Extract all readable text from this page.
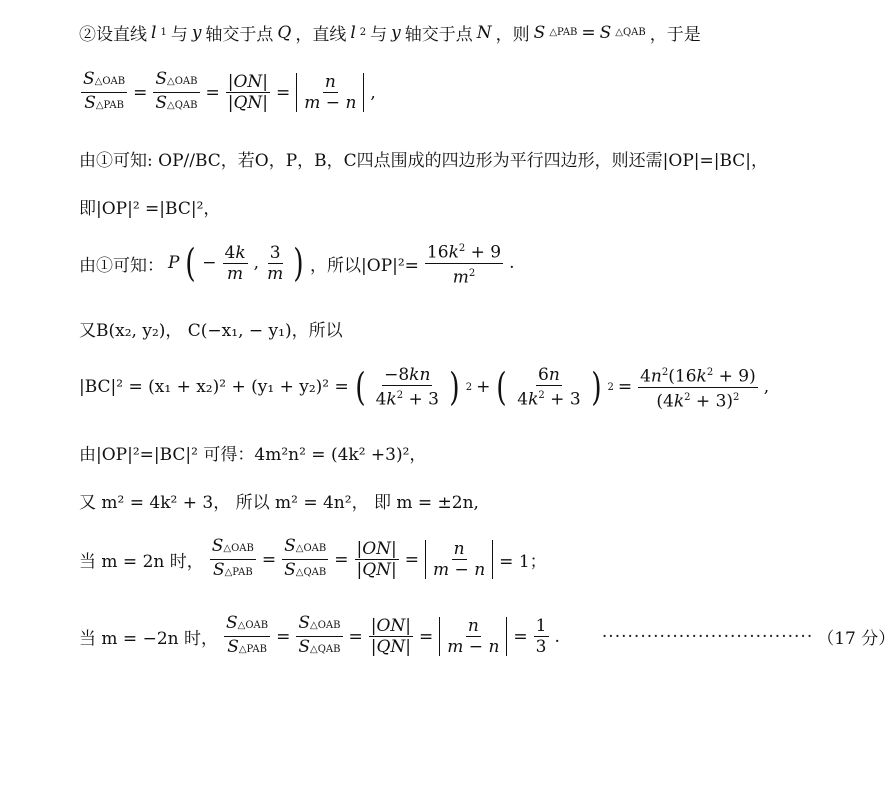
②设直线 l 1 与 y 轴交于点 Q ，直线 l 2 与 y 轴交于点 N ，则 S △PAB = S △QAB ，于是
$\frac{\text{S△OAB}}{\text{S△PAB}} = \frac{\text{S△OAB}}{\text{S△QAB}} = \frac{|ON|}{|QN|} = \frac{n}{m - n}$ ,
由①可知: OP//BC，若O，P，B，C四点围成的四边形为平行四边形，则还需|OP|=|BC|，
即|OP|² =|BC|²，
由①可知： P ( − $\frac{4k}{m}$ , $\frac{3}{m}$ ) ，所以$|OP|^2= \frac{16k^2 + 9}{m^2}$ .
又B(x₂, y₂)， C(−x₁, − y₁)，所以
|BC|² = (x₁ + x₂)² + (y₁ + y₂)² = ( $\frac{-8kn}{4k^2 + 3}$ ) 2 + ( $\frac{6n}{4k^2 + 3}$ ) $2 = \frac{4n^2(16k^2 + 9)}{(4k^2 + 3)^2}$ ,
由|OP|²=|BC|² 可得：4m²n² = (4k² +3)²，
又 m² = 4k² + 3， 所以 m² = 4n²， 即 m = ±2n,
当 m = 2n 时， $\frac{\text{S△OAB}}{\text{S△PAB}} = \frac{\text{S△OAB}}{\text{S△QAB}} = \frac{|ON|}{|QN|} = \frac{n}{m - n} = 1$；
当 m = −2n 时， $\frac{\text{S△OAB}}{\text{S△PAB}} = \frac{\text{S△OAB}}{\text{S△QAB}} = \frac{|ON|}{|QN|} = \frac{n}{m - n} = \frac{1}{3}$ . ································· （17 分）
